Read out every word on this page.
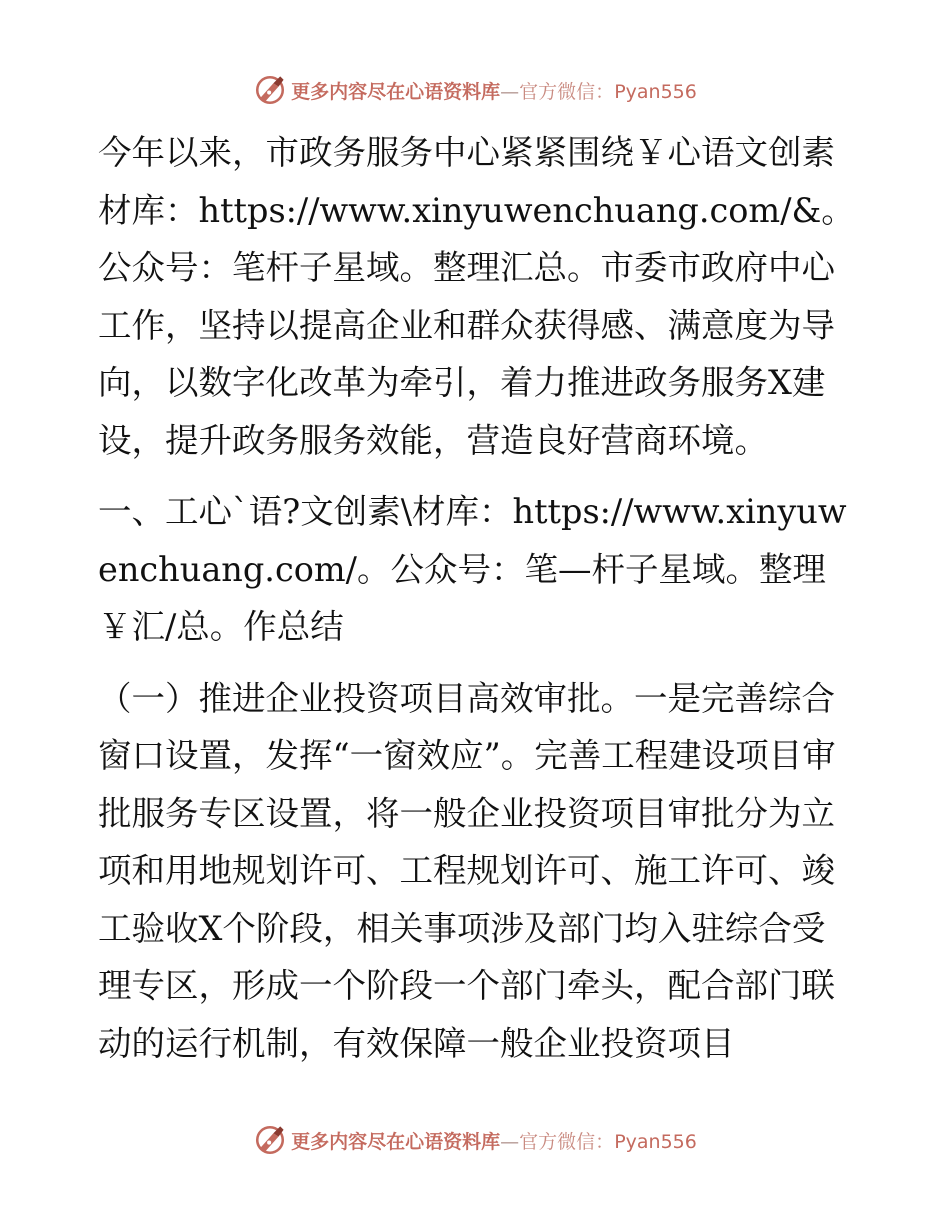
更多内容尽在心语资料库—官方微信：Pyan556

今年以来，市政务服务中心紧紧围绕￥心语文创素材库：https://www.xinyuwenchuang.com/&。公众号：笔杆子星域。整理汇总。市委市政府中心工作，坚持以提高企业和群众获得感、满意度为导向，以数字化改革为牵引，着力推进政务服务X建设，提升政务服务效能，营造良好营商环境。

一、工心`语?文创素\材库：https://www.xinyuwenchuang.com/。公众号：笔—杆子星域。整理￥汇/总。作总结

（一）推进企业投资项目高效审批。一是完善综合窗口设置，发挥“一窗效应”。完善工程建设项目审批服务专区设置，将一般企业投资项目审批分为立项和用地规划许可、工程规划许可、施工许可、竣工验收X个阶段，相关事项涉及部门均入驻综合受理专区，形成一个阶段一个部门牵头，配合部门联动的运行机制，有效保障一般企业投资项目

更多内容尽在心语资料库—官方微信：Pyan556
